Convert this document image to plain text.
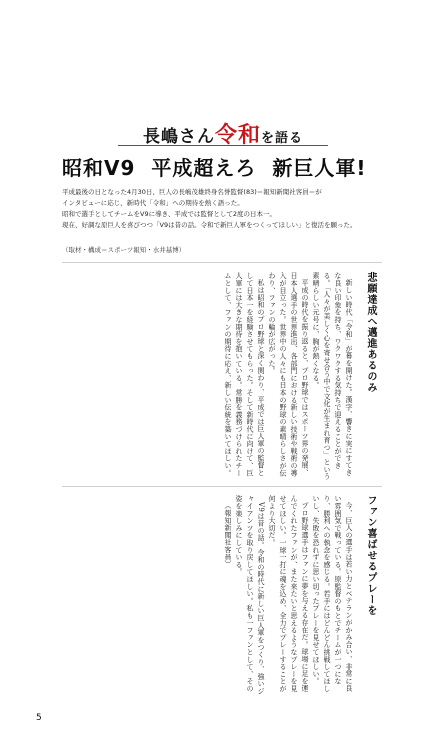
長嶋さん令和を語る
昭和V9 平成超えろ 新巨人軍!

平成最後の日となった4月30日、巨人の長嶋茂雄終身名誉監督(83)＝報知新聞社客員＝が

インタビューに応じ、新時代「令和」への期待を熱く語った。

昭和で選手としてチームをV9に導き、平成では監督として2度の日本一。

現在、好調な原巨人を喜びつつ「V9は昔の話。令和で新巨人軍をつくってほしい」と復活を願った。

（取材・構成＝スポーツ報知・水井基博）
悲願達成へ邁進あるのみ

新しい時代「令和」が幕を開けた。漢字、響きに実にすてきな良い印象を持ち、ワクワクする気持ちで迎えることができる。「人々が美しく心を寄せ合う中で文化が生まれ育つ」という素晴らしい元号に、胸が熱くなる。

平成の時代を振り返ると、プロ野球ではスポーツ界の発展、日本人選手の世界進出、各部門における新しい技術や戦術の導入が目立った。世界中の人々にも日本の野球の素晴らしさが伝わり、ファンの輪が広がった。

私は昭和のプロ野球と深く関わり、平成では巨人軍の監督として日本一を経験させてもらった。そして新時代に向けて、巨人軍には大きな期待を抱いている。常勝を義務づけられたチームとして、ファンの期待に応え、新しい伝統を築いてほしい。

ファン喜ばせるプレーを

今、巨人の選手は若い力とベテランがかみ合い、非常に良い雰囲気で戦っている。原監督のもとでチームが一つになり、勝利への執念を感じる。若手にはどんどん挑戦してほしいし、失敗を恐れずに思い切ったプレーを見せてほしい。

プロ野球選手はファンに夢を与える存在だ。球場に足を運んでくれたファンが、また来たいと思えるようなプレーを見せてほしい。一球一打に魂を込め、全力でプレーすることが何より大切だ。

V9は昔の話。令和の時代に新しい巨人軍をつくり、強いジャイアンツを取り戻してほしい。私も一ファンとして、その姿を楽しみにしている。

（報知新聞社客員）

5
